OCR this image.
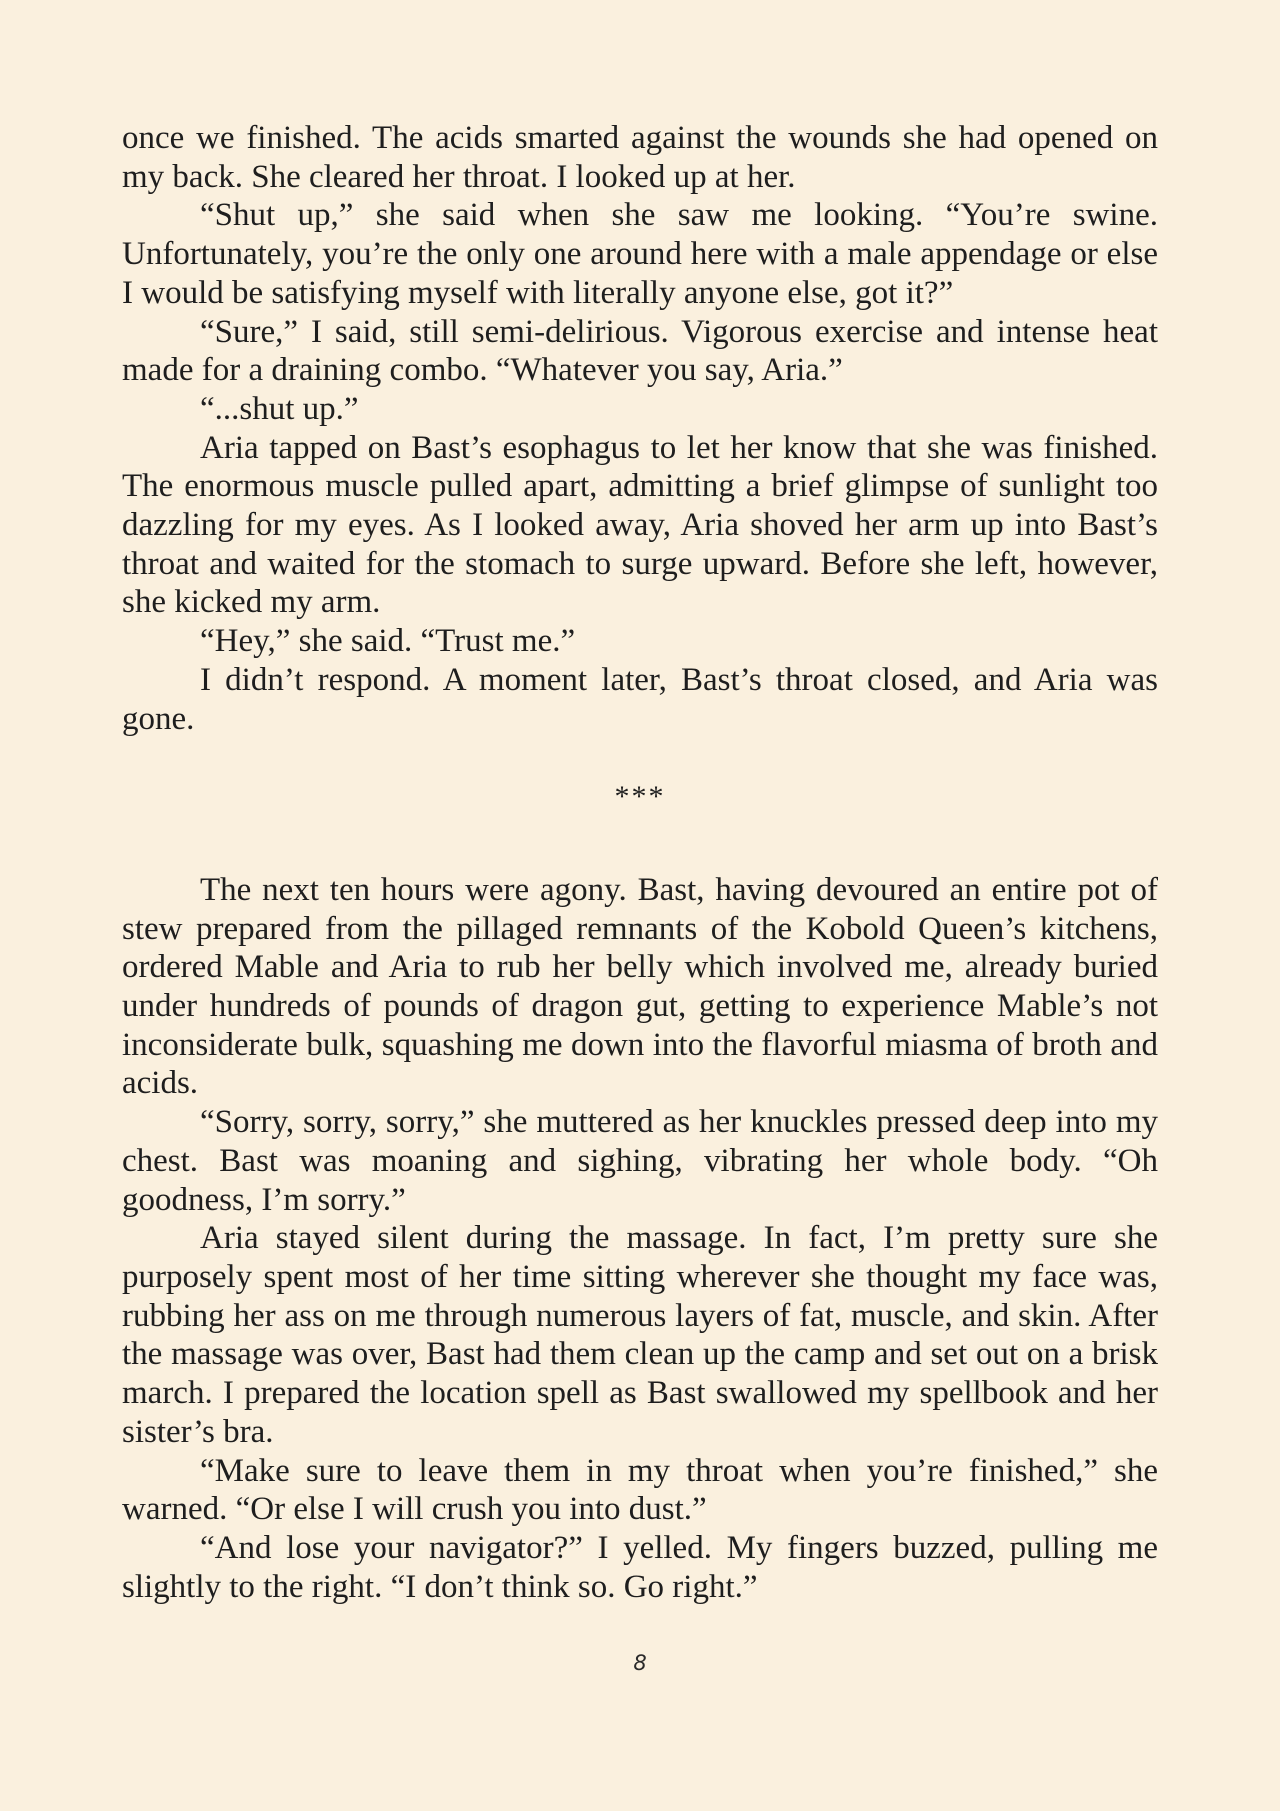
once we finished. The acids smarted against the wounds she had opened on my back. She cleared her throat. I looked up at her.

“Shut up,” she said when she saw me looking. “You’re swine. Unfortunately, you’re the only one around here with a male appendage or else I would be satisfying myself with literally anyone else, got it?”

“Sure,” I said, still semi-delirious. Vigorous exercise and intense heat made for a draining combo. “Whatever you say, Aria.”

“...shut up.”

Aria tapped on Bast’s esophagus to let her know that she was finished. The enormous muscle pulled apart, admitting a brief glimpse of sunlight too dazzling for my eyes. As I looked away, Aria shoved her arm up into Bast’s throat and waited for the stomach to surge upward. Before she left, however, she kicked my arm.

“Hey,” she said. “Trust me.”

I didn’t respond. A moment later, Bast’s throat closed, and Aria was gone.

***

The next ten hours were agony. Bast, having devoured an entire pot of stew prepared from the pillaged remnants of the Kobold Queen’s kitchens, ordered Mable and Aria to rub her belly which involved me, already buried under hundreds of pounds of dragon gut, getting to experience Mable’s not inconsiderate bulk, squashing me down into the flavorful miasma of broth and acids.

“Sorry, sorry, sorry,” she muttered as her knuckles pressed deep into my chest. Bast was moaning and sighing, vibrating her whole body. “Oh goodness, I’m sorry.”

Aria stayed silent during the massage. In fact, I’m pretty sure she purposely spent most of her time sitting wherever she thought my face was, rubbing her ass on me through numerous layers of fat, muscle, and skin. After the massage was over, Bast had them clean up the camp and set out on a brisk march. I prepared the location spell as Bast swallowed my spellbook and her sister’s bra.

“Make sure to leave them in my throat when you’re finished,” she warned. “Or else I will crush you into dust.”

“And lose your navigator?” I yelled. My fingers buzzed, pulling me slightly to the right. “I don’t think so. Go right.”

8
